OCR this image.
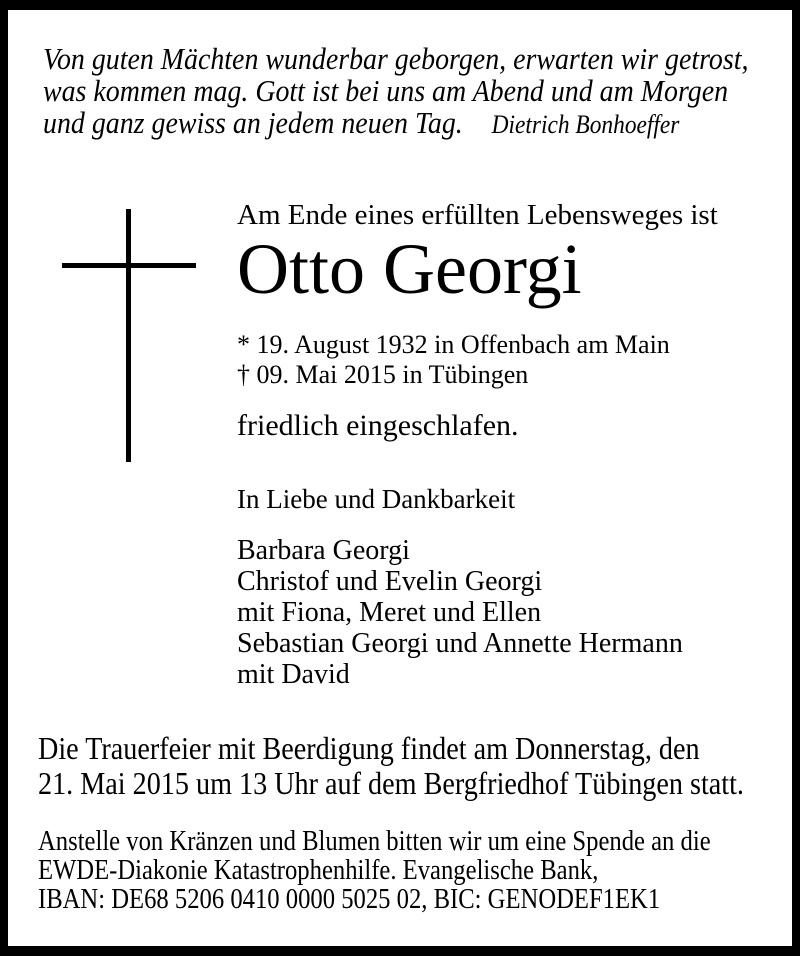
Von guten Mächten wunderbar geborgen, erwarten wir getrost,
was kommen mag. Gott ist bei uns am Abend und am Morgen
und ganz gewiss an jedem neuen Tag. Dietrich Bonhoeffer
Am Ende eines erfüllten Lebensweges ist
Otto Georgi
* 19. August 1932 in Offenbach am Main
† 09. Mai 2015 in Tübingen
friedlich eingeschlafen.
In Liebe und Dankbarkeit
Barbara Georgi
Christof und Evelin Georgi
mit Fiona, Meret und Ellen
Sebastian Georgi und Annette Hermann
mit David
Die Trauerfeier mit Beerdigung findet am Donnerstag, den
21. Mai 2015 um 13 Uhr auf dem Bergfriedhof Tübingen statt.
Anstelle von Kränzen und Blumen bitten wir um eine Spende an die
EWDE-Diakonie Katastrophenhilfe. Evangelische Bank,
IBAN: DE68 5206 0410 0000 5025 02, BIC: GENODEF1EK1
